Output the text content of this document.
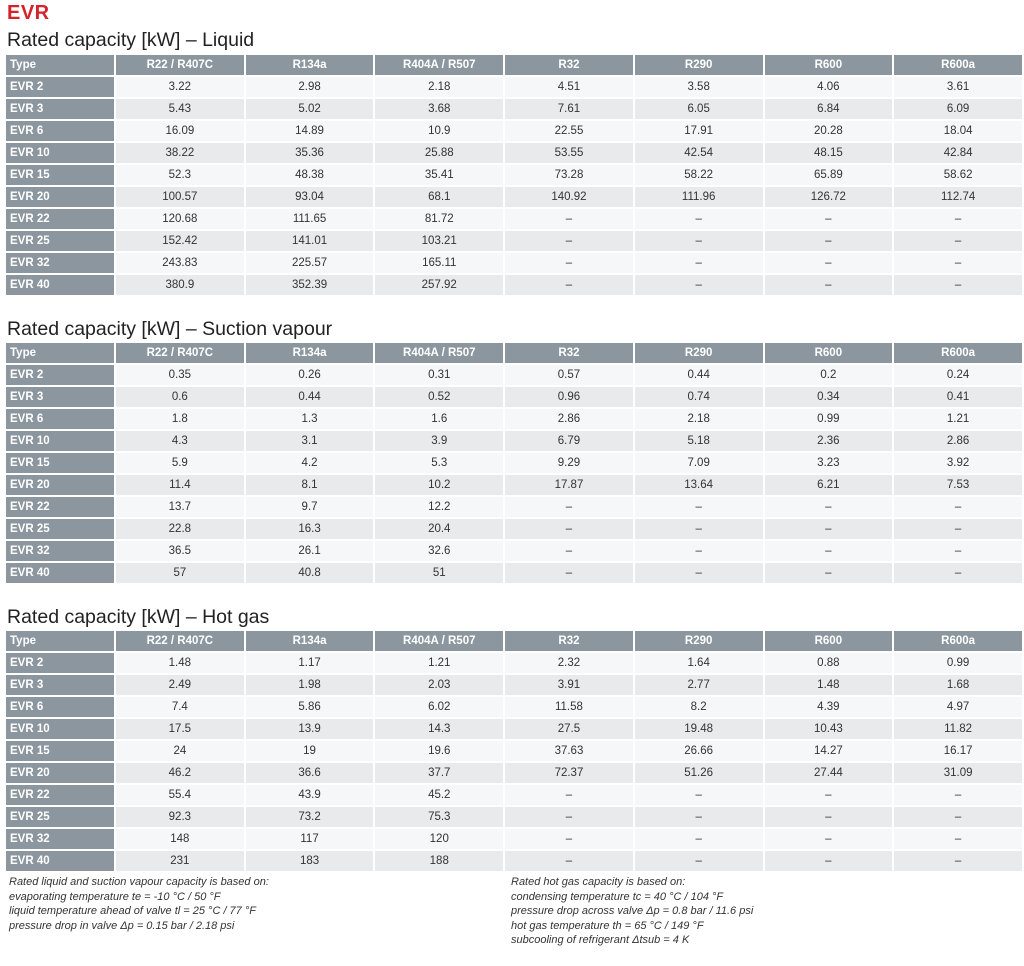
EVR
Rated capacity [kW] – Liquid
Type	R22 / R407C	R134a	R404A / R507	R32	R290	R600	R600a
EVR 2	3.22	2.98	2.18	4.51	3.58	4.06	3.61
EVR 3	5.43	5.02	3.68	7.61	6.05	6.84	6.09
EVR 6	16.09	14.89	10.9	22.55	17.91	20.28	18.04
EVR 10	38.22	35.36	25.88	53.55	42.54	48.15	42.84
EVR 15	52.3	48.38	35.41	73.28	58.22	65.89	58.62
EVR 20	100.57	93.04	68.1	140.92	111.96	126.72	112.74
EVR 22	120.68	111.65	81.72	–	–	–	–
EVR 25	152.42	141.01	103.21	–	–	–	–
EVR 32	243.83	225.57	165.11	–	–	–	–
EVR 40	380.9	352.39	257.92	–	–	–	–
Rated capacity [kW] – Suction vapour
Type	R22 / R407C	R134a	R404A / R507	R32	R290	R600	R600a
EVR 2	0.35	0.26	0.31	0.57	0.44	0.2	0.24
EVR 3	0.6	0.44	0.52	0.96	0.74	0.34	0.41
EVR 6	1.8	1.3	1.6	2.86	2.18	0.99	1.21
EVR 10	4.3	3.1	3.9	6.79	5.18	2.36	2.86
EVR 15	5.9	4.2	5.3	9.29	7.09	3.23	3.92
EVR 20	11.4	8.1	10.2	17.87	13.64	6.21	7.53
EVR 22	13.7	9.7	12.2	–	–	–	–
EVR 25	22.8	16.3	20.4	–	–	–	–
EVR 32	36.5	26.1	32.6	–	–	–	–
EVR 40	57	40.8	51	–	–	–	–
Rated capacity [kW] – Hot gas
Type	R22 / R407C	R134a	R404A / R507	R32	R290	R600	R600a
EVR 2	1.48	1.17	1.21	2.32	1.64	0.88	0.99
EVR 3	2.49	1.98	2.03	3.91	2.77	1.48	1.68
EVR 6	7.4	5.86	6.02	11.58	8.2	4.39	4.97
EVR 10	17.5	13.9	14.3	27.5	19.48	10.43	11.82
EVR 15	24	19	19.6	37.63	26.66	14.27	16.17
EVR 20	46.2	36.6	37.7	72.37	51.26	27.44	31.09
EVR 22	55.4	43.9	45.2	–	–	–	–
EVR 25	92.3	73.2	75.3	–	–	–	–
EVR 32	148	117	120	–	–	–	–
EVR 40	231	183	188	–	–	–	–
Rated liquid and suction vapour capacity is based on:
evaporating temperature te = -10 °C / 50 °F
liquid temperature ahead of valve tl = 25 °C / 77 °F
pressure drop in valve Δp = 0.15 bar / 2.18 psi
Rated hot gas capacity is based on:
condensing temperature tc = 40 °C / 104 °F
pressure drop across valve Δp = 0.8 bar / 11.6 psi
hot gas temperature th = 65 °C / 149 °F
subcooling of refrigerant Δtsub = 4 K
